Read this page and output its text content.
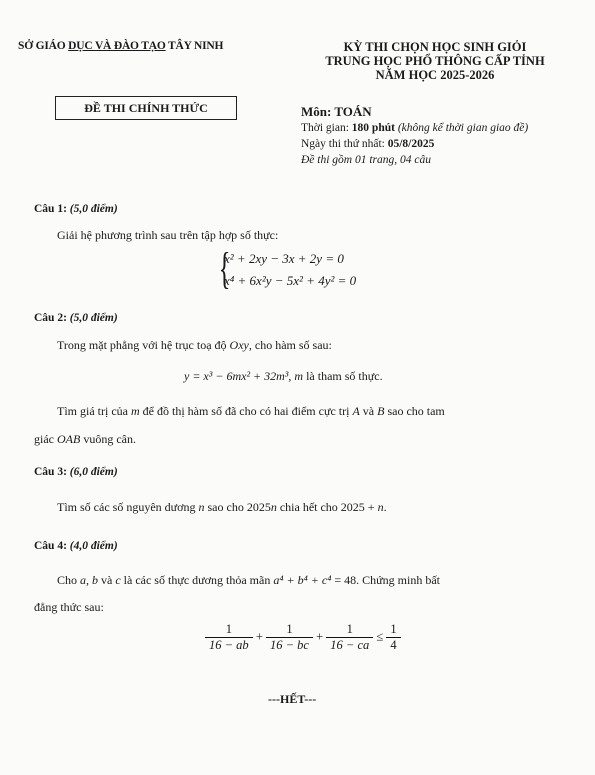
SỞ GIÁO DỤC VÀ ĐÀO TẠO TÂY NINH	KỲ THI CHỌN HỌC SINH GIỎI
TRUNG HỌC PHỔ THÔNG CẤP TỈNH
NĂM HỌC 2025-2026
ĐỀ THI CHÍNH THỨC	Môn: TOÁN
Thời gian: 180 phút (không kể thời gian giao đề)
Ngày thi thứ nhất: 05/8/2025
Đề thi gồm 01 trang, 04 câu
Câu 1: (5,0 điểm)
Giải hệ phương trình sau trên tập hợp số thực:
{
x² + 2xy − 3x + 2y = 0
x⁴ + 6x²y − 5x² + 4y² = 0
Câu 2: (5,0 điểm)
Trong mặt phẳng với hệ trục toạ độ Oxy, cho hàm số sau:
y = x³ − 6mx² + 32m³, m là tham số thực.
Tìm giá trị của m để đồ thị hàm số đã cho có hai điểm cực trị A và B sao cho tam
giác OAB vuông cân.
Câu 3: (6,0 điểm)
Tìm số các số nguyên dương n sao cho 2025n chia hết cho 2025 + n.
Câu 4: (4,0 điểm)
Cho a, b và c là các số thực dương thỏa mãn a⁴ + b⁴ + c⁴ = 48. Chứng minh bất
đẳng thức sau:
$\frac{1}{16 - ab} + \frac{1}{16 - bc} + \frac{1}{16 - ca} \le \frac{1}{4}$
---HẾT---
